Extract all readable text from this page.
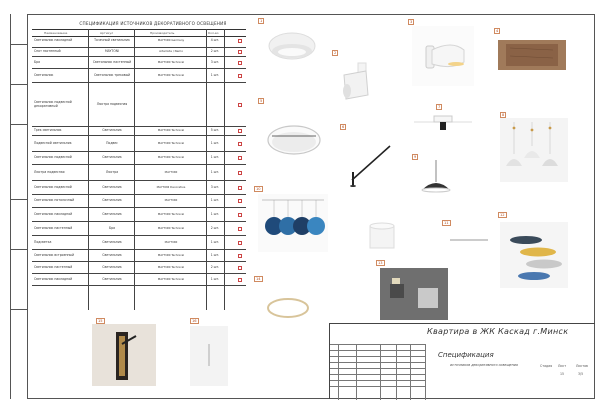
СПЕЦИФИКАЦИЯ ИСТОЧНИКОВ ДЕКОРАТИВНОГО ОСВЕЩЕНИЯ
Наименование	Артикул	Производитель	Кол-во
Светильник накладной	Точечный светильник	MAYTONI Germany	4 шт.
Спот настенный	MAYTONI	Artemide / Nemo	2 шт.
Бра	Светильник настенный	MAYTONI Technical	3 шт.
Светильник	Светильник трековый	MAYTONI Technical	1 шт.
Светильник подвесной декоративный	Люстра подвесная
Трек светильник	Светильник	MAYTONI Technical	5 шт.
Подвесной светильник	Подвес	MAYTONI Technical	1 шт.
Светильник подвесной	Светильник	MAYTONI Technical	1 шт.
Люстра подвесная	Люстра	MAYTONI	1 шт.
Светильник подвесной	Светильник	MAYTONI Decorative	3 шт.
Светильник потолочный	Светильник	MAYTONI	1 шт.
Светильник накладной	Светильник	MAYTONI Technical	1 шт.
Светильник настенный	Бра	MAYTONI Technical	2 шт.
Подсветка	Светильник	MAYTONI	1 шт.
Светильник встроенный	Светильник	MAYTONI Technical	1 шт.
Светильник настенный	Светильник	MAYTONI Technical	2 шт.
Светильник накладной	Светильник	MAYTONI Technical	1 шт.
1
2
3
4
5
6
7
8
9
10
11
12
13
14
15	16
Квартира в ЖК Каскад г.Минск
Спецификация
источников декоративного освещения	Стадия Лист	Листов
3/5
15
